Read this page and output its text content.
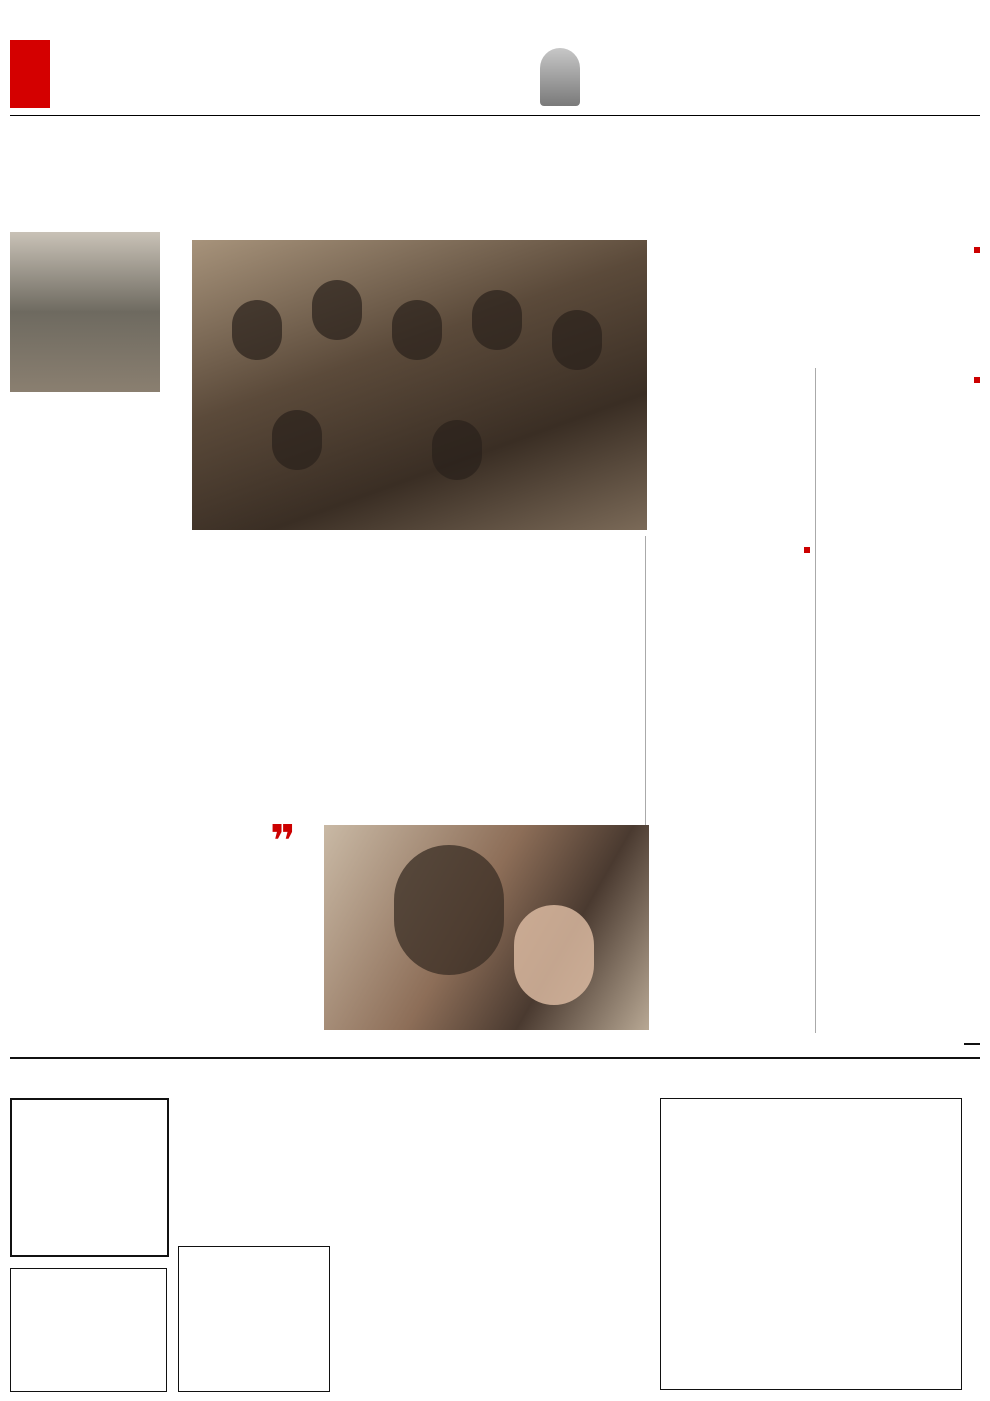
❞
